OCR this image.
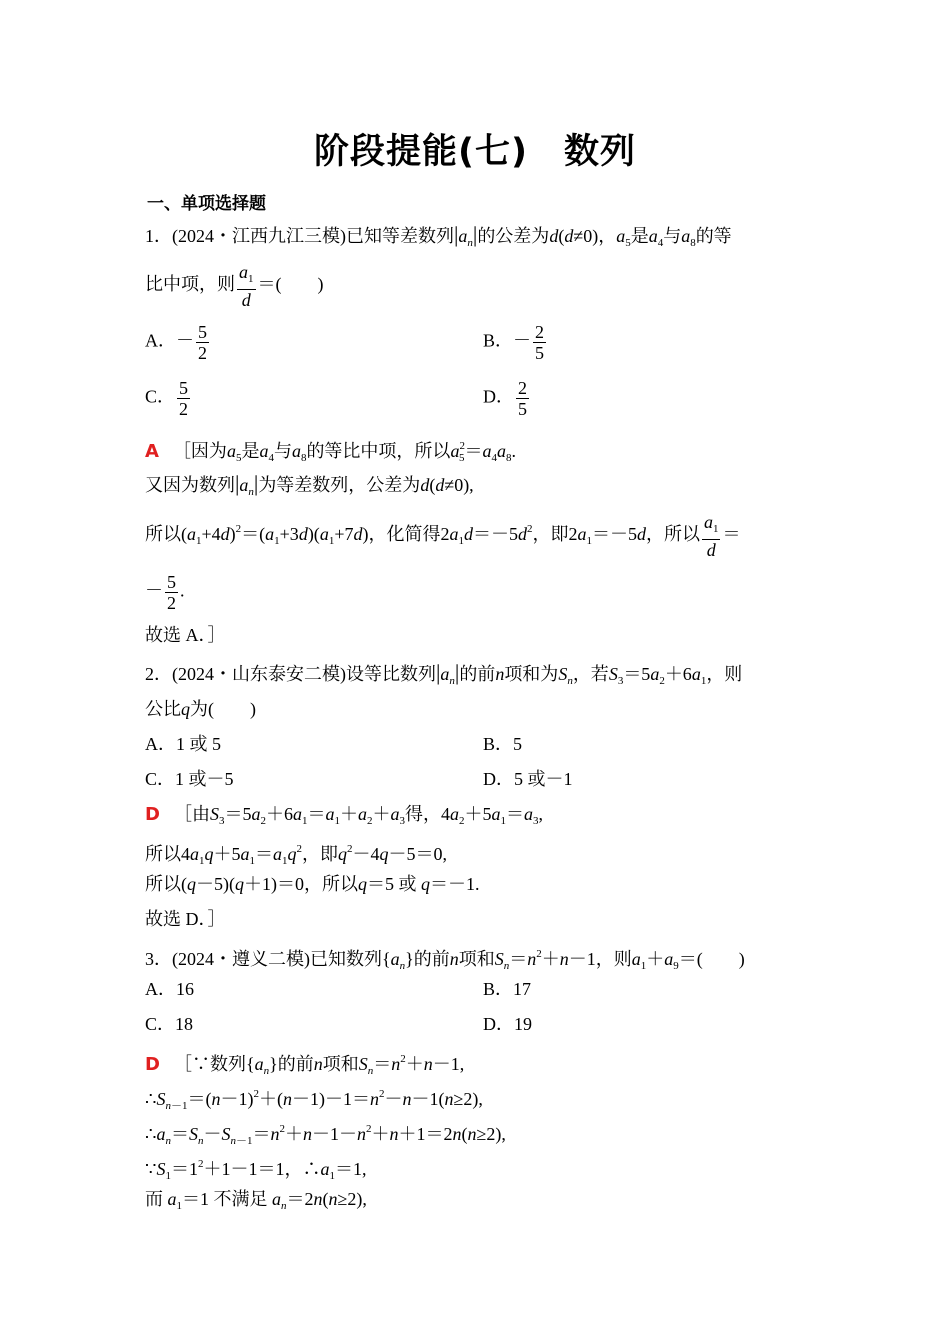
阶段提能(七)　数列
一、单项选择题
1．(2024・江西九江三模)已知等差数列$|a_n|$的公差为d(d≠0)，$a_5$是$a_4$与$a_8$的等
比中项，则 $\frac{a_1}{d}$ ＝(　　)
A．－ $\frac{5}{2}$	B．－ $\frac{2}{5}$
C． $\frac{5}{2}$	D． $\frac{2}{5}$
A ［因为$a_5$是$a_4$与$a_8$的等比中项，所以$a^2_5=a_4a_8$.
又因为数列$|a_n|$为等差数列，公差为d(d≠0),
所以$(a_1+4d)^2=(a_1+3d)(a_1+7d)$，化简得$2a_1d=-5d^2$，即$2a_1=-5d$，所以 $\frac{a_1}{d}$ ＝
－ $\frac{5}{2}$ .
故选 A．］
2．(2024・山东泰安二模)设等比数列$|a_n|$的前n项和为$S_n$，若$S_3=5a_2+6a_1$，则
公比q为(　　)
A．1 或 5	B．5
C．1 或－5	D．5 或－1
D ［由$S_3=5a_2+6a_1=a_1+a_2+a_3$得，$4a_2+5a_1=a_3$,
所以$4a_1q+5a_1=a_1q^2$，即$q^2-4q-5=0$,
所以(q－5)(q＋1)＝0，所以q＝5 或 q＝－1.
故选 D．］
3．(2024・遵义二模)已知数列$\{a_n\}$的前n项和$S_n=n^2+n-1$，则$a_1+a_9=$(　　)
A．16	B．17
C．18	D．19
D ［∵数列$\{a_n\}$的前n项和$S_n=n^2+n-1$,
$\therefore S_{n-1}=(n-1)^2+(n-1)-1=n^2-n-1(n\ge 2)$,
$\therefore a_n=S_n-S_{n-1}=n^2+n-1-n^2+n+1=2n(n\ge 2)$,
$\because S_1=1^2+1-1=1$，$\therefore a_1=1$,
而 $a_1=1$ 不满足 $a_n=2n(n\ge 2)$,
